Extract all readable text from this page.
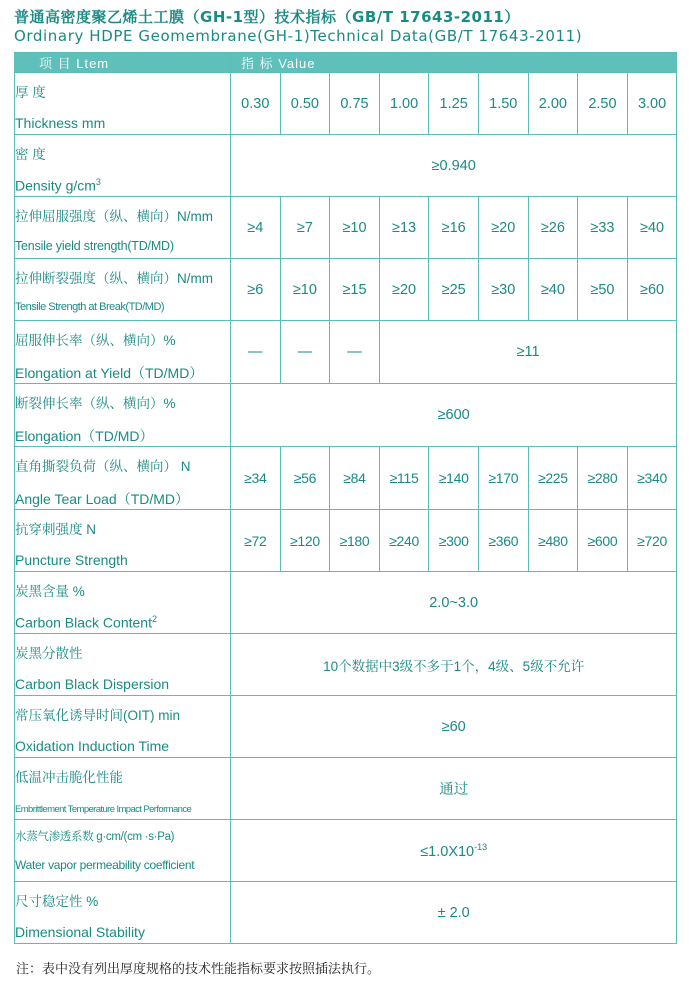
普通高密度聚乙烯土工膜（GH-1型）技术指标（GB/T 17643-2011）
Ordinary HDPE Geomembrane(GH-1)Technical Data(GB/T 17643-2011)
项 目 Ltem	指 标 Value								

厚 度
Thickness mm	0.30	0.50	0.75	1.00	1.25	1.50	2.00	2.50	3.00

密 度
Density $g/cm^3$	≥0.940								

拉伸屈服强度（纵、横向）N/mm
Tensile yield strength(TD/MD)	≥4	≥7	≥10	≥13	≥16	≥20	≥26	≥33	≥40

拉伸断裂强度（纵、横向）N/mm
Tensile Strength at Break(TD/MD)	≥6	≥10	≥15	≥20	≥25	≥30	≥40	≥50	≥60

屈服伸长率（纵、横向）%
Elongation at Yield（TD/MD）	—	—	—	≥11					

断裂伸长率（纵、横向）%
Elongation（TD/MD）	≥600								

直角撕裂负荷（纵、横向） N
Angle Tear Load（TD/MD）	≥34	≥56	≥84	≥115	≥140	≥170	≥225	≥280	≥340

抗穿刺强度 N
Puncture Strength	≥72	≥120	≥180	≥240	≥300	≥360	≥480	≥600	≥720

炭黑含量 %
Carbon Black Content$^2$	2.0~3.0								

炭黑分散性
Carbon Black Dispersion	10个数据中3级不多于1个，4级、5级不允许								

常压氧化诱导时间(OIT) min
Oxidation Induction Time	≥60								

低温冲击脆化性能
Embrittlement Temperature Impact Performance	通过								

水蒸气渗透系数 g·cm/(cm ·s·Pa)
Water vapor permeability coefficient	$\le 1.0X10^{-13}$

尺寸稳定性 %
Dimensional Stability	± 2.0								
注：表中没有列出厚度规格的技术性能指标要求按照插法执行。
